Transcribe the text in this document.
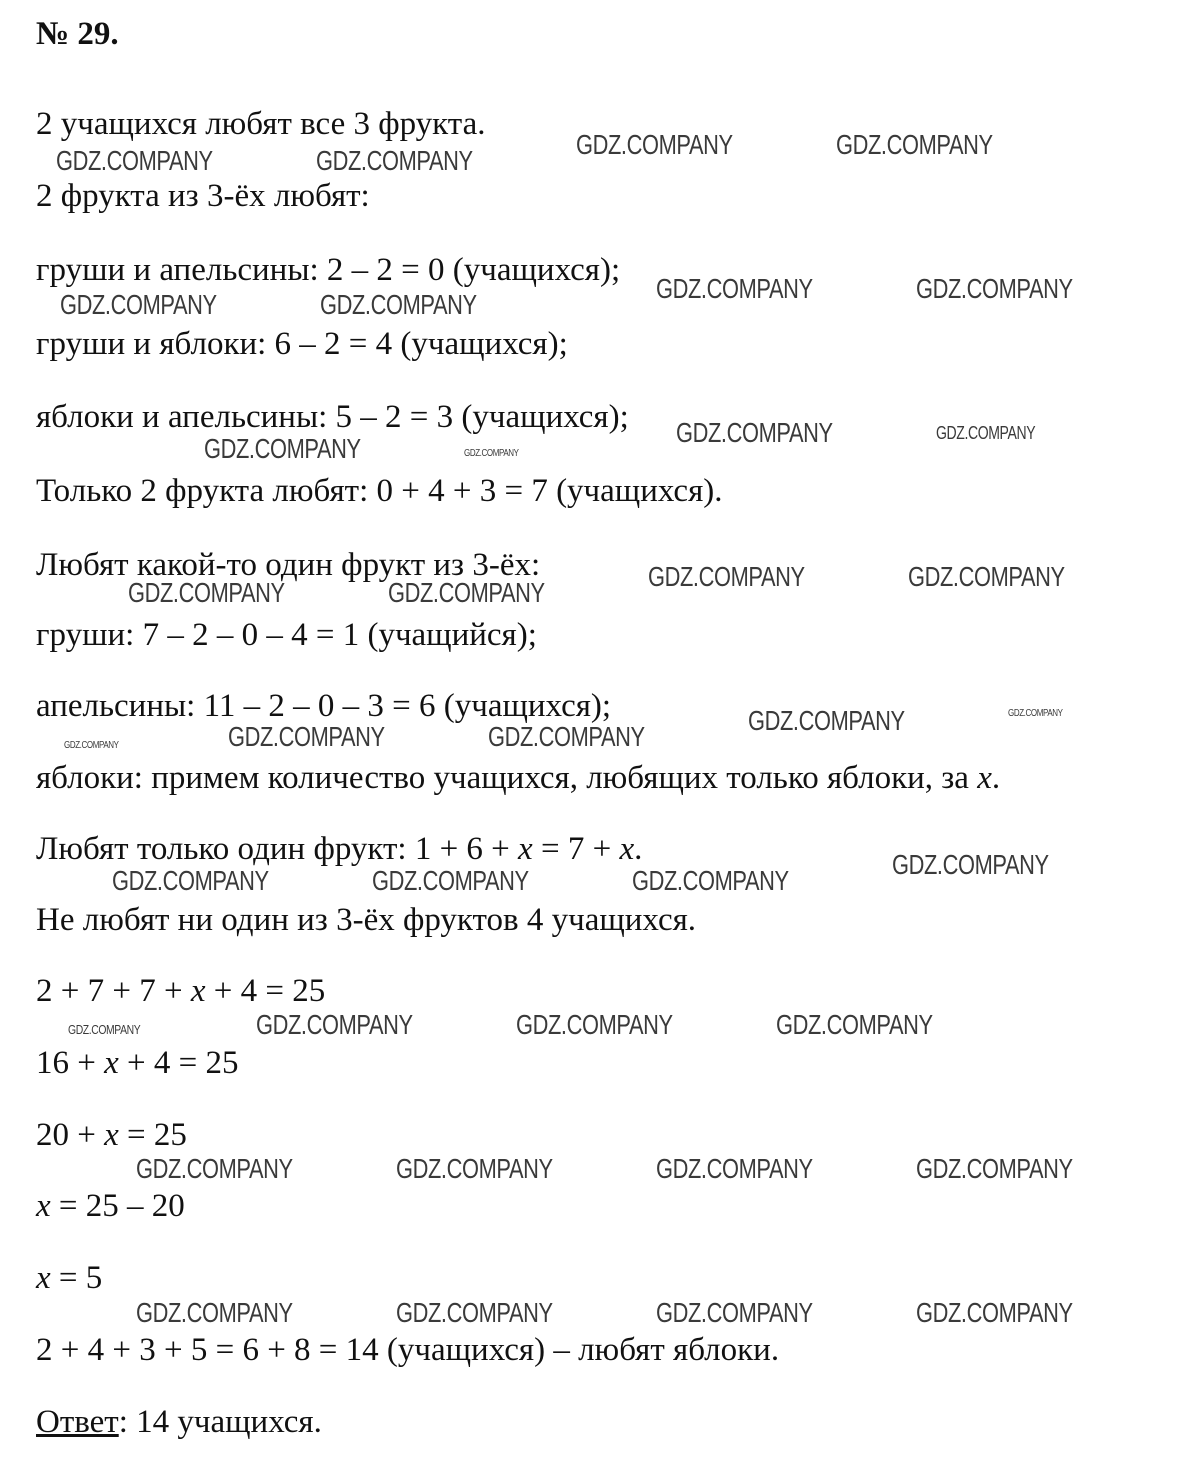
№ 29.
2 учащихся любят все 3 фрукта.
2 фрукта из 3-ёх любят:
груши и апельсины: 2 – 2 = 0 (учащихся);
груши и яблоки: 6 – 2 = 4 (учащихся);
яблоки и апельсины: 5 – 2 = 3 (учащихся);
Только 2 фрукта любят: 0 + 4 + 3 = 7 (учащихся).
Любят какой-то один фрукт из 3-ёх:
груши: 7 – 2 – 0 – 4 = 1 (учащийся);
апельсины: 11 – 2 – 0 – 3 = 6 (учащихся);
яблоки: примем количество учащихся, любящих только яблоки, за x.
Любят только один фрукт: 1 + 6 + x = 7 + x.
Не любят ни один из 3-ёх фруктов 4 учащихся.
2 + 7 + 7 + x + 4 = 25
16 + x + 4 = 25
20 + x = 25
x = 25 – 20
x = 5
2 + 4 + 3 + 5 = 6 + 8 = 14 (учащихся) – любят яблоки.
Ответ: 14 учащихся.
GDZ.COMPANY	GDZ.COMPANY
GDZ.COMPANY	GDZ.COMPANY
GDZ.COMPANY	GDZ.COMPANY
GDZ.COMPANY	GDZ.COMPANY
GDZ.COMPANY	GDZ.COMPANY
GDZ.COMPANY	GDZ.COMPANY
GDZ.COMPANY	GDZ.COMPANY
GDZ.COMPANY	GDZ.COMPANY
GDZ.COMPANY	GDZ.COMPANY	GDZ.COMPANY
GDZ.COMPANY	GDZ.COMPANY
GDZ.COMPANY	GDZ.COMPANY	GDZ.COMPANY
GDZ.COMPANY
GDZ.COMPANY	GDZ.COMPANY	GDZ.COMPANY	GDZ.COMPANY
GDZ.COMPANY	GDZ.COMPANY	GDZ.COMPANY	GDZ.COMPANY
GDZ.COMPANY	GDZ.COMPANY	GDZ.COMPANY	GDZ.COMPANY
